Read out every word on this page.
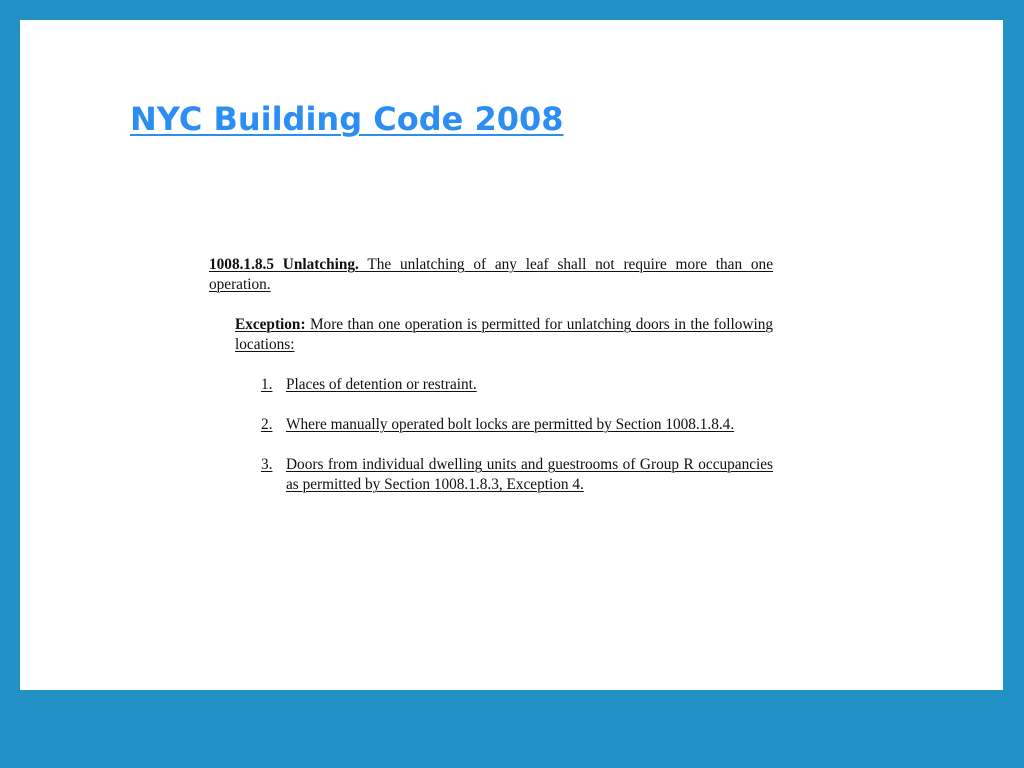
NYC Building Code 2008

1008.1.8.5 Unlatching. The unlatching of any leaf shall not require more than one operation.

Exception: More than one operation is permitted for unlatching doors in the following locations:

1. Places of detention or restraint.
2. Where manually operated bolt locks are permitted by Section 1008.1.8.4.
3. Doors from individual dwelling units and guestrooms of Group R occupancies as permitted by Section 1008.1.8.3, Exception 4.
